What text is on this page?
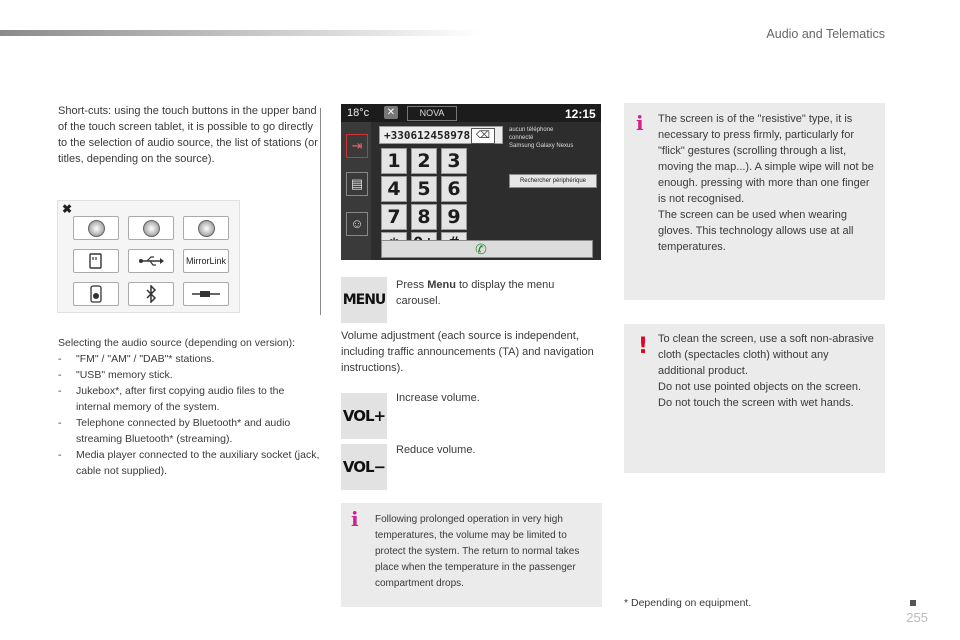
Audio and Telematics
255
Short-cuts: using the touch buttons in the upper band of the touch screen tablet, it is possible to go directly to the selection of audio source, the list of stations (or titles, depending on the source).
✖
MirrorLink
Selecting the audio source (depending on version):
- "FM" / "AM" / "DAB"* stations.
- "USB" memory stick.
- Jukebox*, after first copying audio files to the internal memory of the system.
- Telephone connected by Bluetooth* and audio streaming Bluetooth* (streaming).
- Media player connected to the auxiliary socket (jack, cable not supplied).
18°c ✕	NOVA	12:15
⇥
▤
☺
+330612458978 ⌫	aucun téléphone
connecté
Samsung Galaxy Nexus
Rechercher périphérique
1 2 3
4 5 6
7 8 9
✆
MENU
Press Menu to display the menu carousel.
Volume adjustment (each source is independent, including traffic announcements (TA) and navigation instructions).
VOL+
Increase volume.
VOL−
Reduce volume.
i Following prolonged operation in very high temperatures, the volume may be limited to protect the system. The return to normal takes place when the temperature in the passenger compartment drops.
i The screen is of the "resistive" type, it is necessary to press firmly, particularly for "flick" gestures (scrolling through a list, moving the map...). A simple wipe will not be enough. pressing with more than one finger is not recognised.
The screen can be used when wearing gloves. This technology allows use at all temperatures.
! To clean the screen, use a soft non-abrasive cloth (spectacles cloth) without any additional product.
Do not use pointed objects on the screen.
Do not touch the screen with wet hands.
* Depending on equipment.
